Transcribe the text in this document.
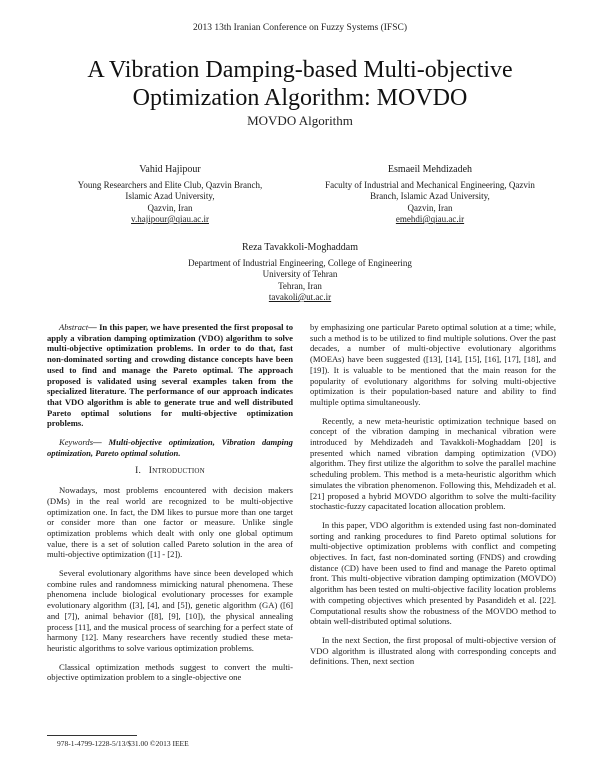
2013 13th Iranian Conference on Fuzzy Systems (IFSC)
A Vibration Damping-based Multi-objective Optimization Algorithm: MOVDO
MOVDO Algorithm
Vahid Hajipour
Young Researchers and Elite Club, Qazvin Branch,
Islamic Azad University,
Qazvin, Iran
v.hajipour@qiau.ac.ir
Esmaeil Mehdizadeh
Faculty of Industrial and Mechanical Engineering, Qazvin
Branch, Islamic Azad University,
Qazvin, Iran
emehdi@qiau.ac.ir
Reza Tavakkoli-Moghaddam
Department of Industrial Engineering, College of Engineering
University of Tehran
Tehran, Iran
tavakoli@ut.ac.ir

Abstract— In this paper, we have presented the first proposal to apply a vibration damping optimization (VDO) algorithm to solve multi-objective optimization problems. In order to do that, fast non-dominated sorting and crowding distance concepts have been used to find and manage the Pareto optimal. The approach proposed is validated using several examples taken from the specialized literature. The performance of our approach indicates that VDO algorithm is able to generate true and well distributed Pareto optimal solutions for multi-objective optimization problems.

Keywords— Multi-objective optimization, Vibration damping optimization, Pareto optimal solution.

I. Introduction

Nowadays, most problems encountered with decision makers (DMs) in the real world are recognized to be multi-objective optimization one. In fact, the DM likes to pursue more than one target or consider more than one factor or measure. Unlike single optimization problems which dealt with only one global optimum value, there is a set of solution called Pareto solution in the area of multi-objective optimization ([1] - [2]).

Several evolutionary algorithms have since been developed which combine rules and randomness mimicking natural phenomena. These phenomena include biological evolutionary processes for example evolutionary algorithm ([3], [4], and [5]), genetic algorithm (GA) ([6] and [7]), animal behavior ([8], [9], [10]), the physical annealing process [11], and the musical process of searching for a perfect state of harmony [12]. Many researchers have recently studied these meta-heuristic algorithms to solve various optimization problems.

Classical optimization methods suggest to convert the multi-objective optimization problem to a single-objective one

by emphasizing one particular Pareto optimal solution at a time; while, such a method is to be utilized to find multiple solutions. Over the past decades, a number of multi-objective evolutionary algorithms (MOEAs) have been suggested ([13], [14], [15], [16], [17], [18], and [19]). It is valuable to be mentioned that the main reason for the popularity of evolutionary algorithms for solving multi-objective optimization is their population-based nature and ability to find multiple optima simultaneously.

Recently, a new meta-heuristic optimization technique based on concept of the vibration damping in mechanical vibration were introduced by Mehdizadeh and Tavakkoli-Moghaddam [20] is presented which named vibration damping optimization (VDO) algorithm. They first utilize the algorithm to solve the parallel machine scheduling problem. This method is a meta-heuristic algorithm which simulates the vibration phenomenon. Following this, Mehdizadeh et al. [21] proposed a hybrid MOVDO algorithm to solve the multi-facility stochastic-fuzzy capacitated location allocation problem.

In this paper, VDO algorithm is extended using fast non-dominated sorting and ranking procedures to find Pareto optimal solutions for multi-objective optimization problems with conflict and competing objectives. In fact, fast non-dominated sorting (FNDS) and crowding distance (CD) have been used to find and manage the Pareto optimal front. This multi-objective vibration damping optimization (MOVDO) algorithm has been tested on multi-objective facility location problems with competing objectives which presented by Pasandideh et al. [22]. Computational results show the robustness of the MOVDO method to obtain well-distributed optimal solutions.

In the next Section, the first proposal of multi-objective version of VDO algorithm is illustrated along with corresponding concepts and definitions. Then, next section

978-1-4799-1228-5/13/$31.00 ©2013 IEEE
